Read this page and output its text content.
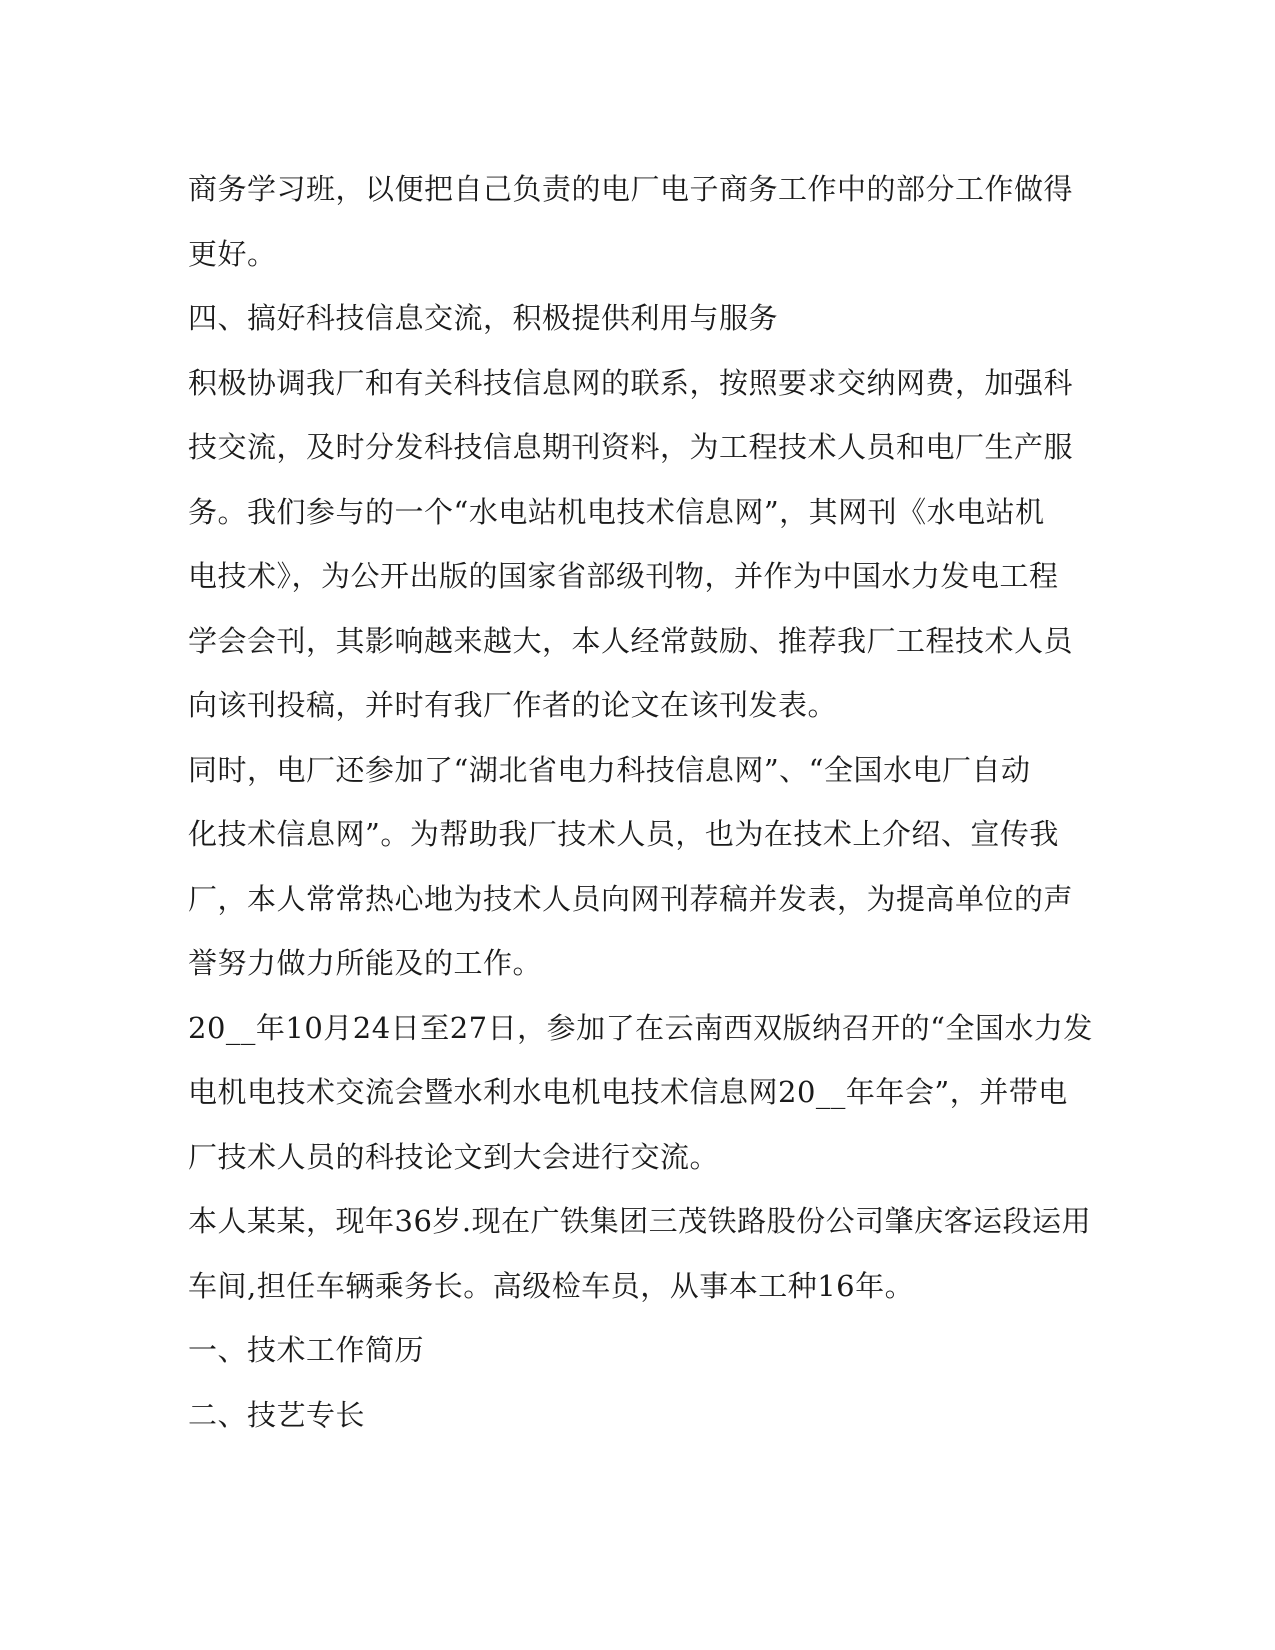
商务学习班，以便把自己负责的电厂电子商务工作中的部分工作做得
更好。
四、搞好科技信息交流，积极提供利用与服务
积极协调我厂和有关科技信息网的联系，按照要求交纳网费，加强科
技交流，及时分发科技信息期刊资料，为工程技术人员和电厂生产服
务。我们参与的一个“水电站机电技术信息网”，其网刊《水电站机
电技术》，为公开出版的国家省部级刊物，并作为中国水力发电工程
学会会刊，其影响越来越大，本人经常鼓励、推荐我厂工程技术人员
向该刊投稿，并时有我厂作者的论文在该刊发表。
同时，电厂还参加了“湖北省电力科技信息网”、“全国水电厂自动
化技术信息网”。为帮助我厂技术人员，也为在技术上介绍、宣传我
厂，本人常常热心地为技术人员向网刊荐稿并发表，为提高单位的声
誉努力做力所能及的工作。
20__年10月24日至27日，参加了在云南西双版纳召开的“全国水力发
电机电技术交流会暨水利水电机电技术信息网20__年年会”，并带电
厂技术人员的科技论文到大会进行交流。
本人某某，现年36岁.现在广铁集团三茂铁路股份公司肇庆客运段运用
车间,担任车辆乘务长。高级检车员，从事本工种16年。
一、技术工作简历
二、技艺专长
